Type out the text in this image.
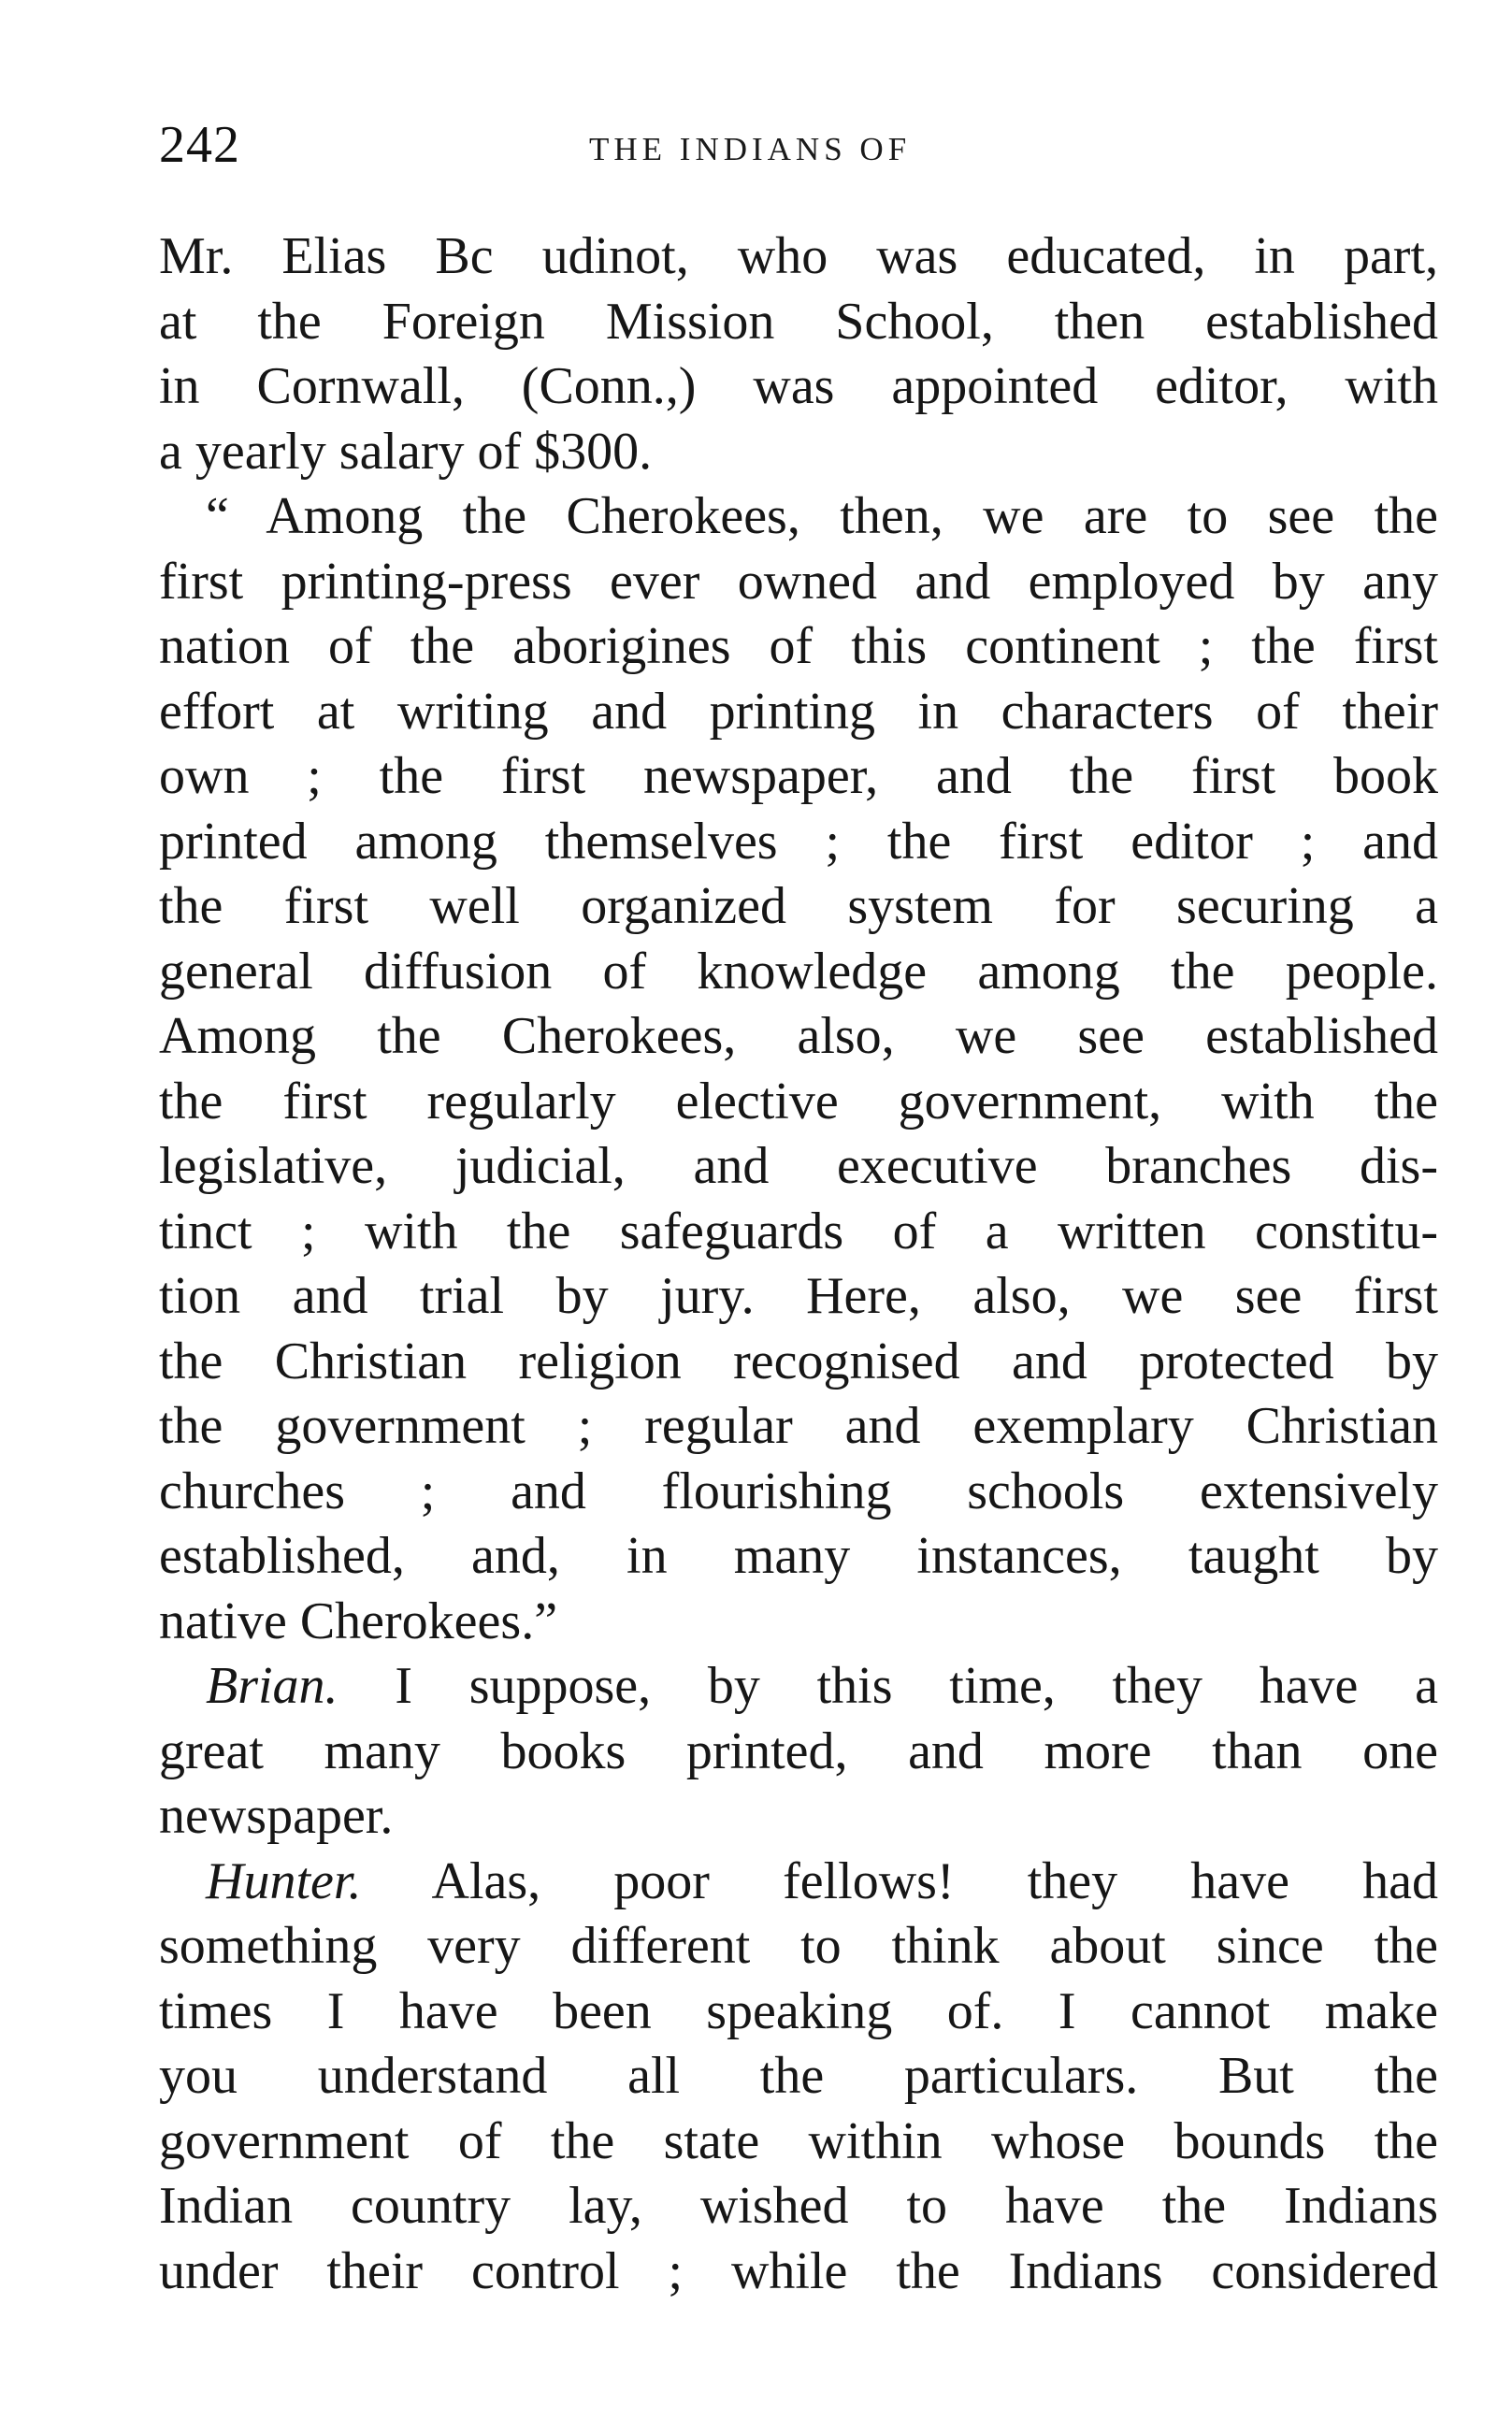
242	THE INDIANS OF
Mr. Elias Bc udinot, who was educated, in part,
at the Foreign Mission School, then established
in Cornwall, (Conn.,) was appointed editor, with
a yearly salary of $300.
“ Among the Cherokees, then, we are to see the
first printing-press ever owned and employed by any
nation of the aborigines of this continent ; the first
effort at writing and printing in characters of their
own ; the first newspaper, and the first book
printed among themselves ; the first editor ; and
the first well organized system for securing a
general diffusion of knowledge among the people.
Among the Cherokees, also, we see established
the first regularly elective government, with the
legislative, judicial, and executive branches dis-
tinct ; with the safeguards of a written constitu-
tion and trial by jury. Here, also, we see first
the Christian religion recognised and protected by
the government ; regular and exemplary Christian
churches ; and flourishing schools extensively
established, and, in many instances, taught by
native Cherokees.”
Brian. I suppose, by this time, they have a
great many books printed, and more than one
newspaper.
Hunter. Alas, poor fellows! they have had
something very different to think about since the
times I have been speaking of. I cannot make
you understand all the particulars. But the
government of the state within whose bounds the
Indian country lay, wished to have the Indians
under their control ; while the Indians considered
